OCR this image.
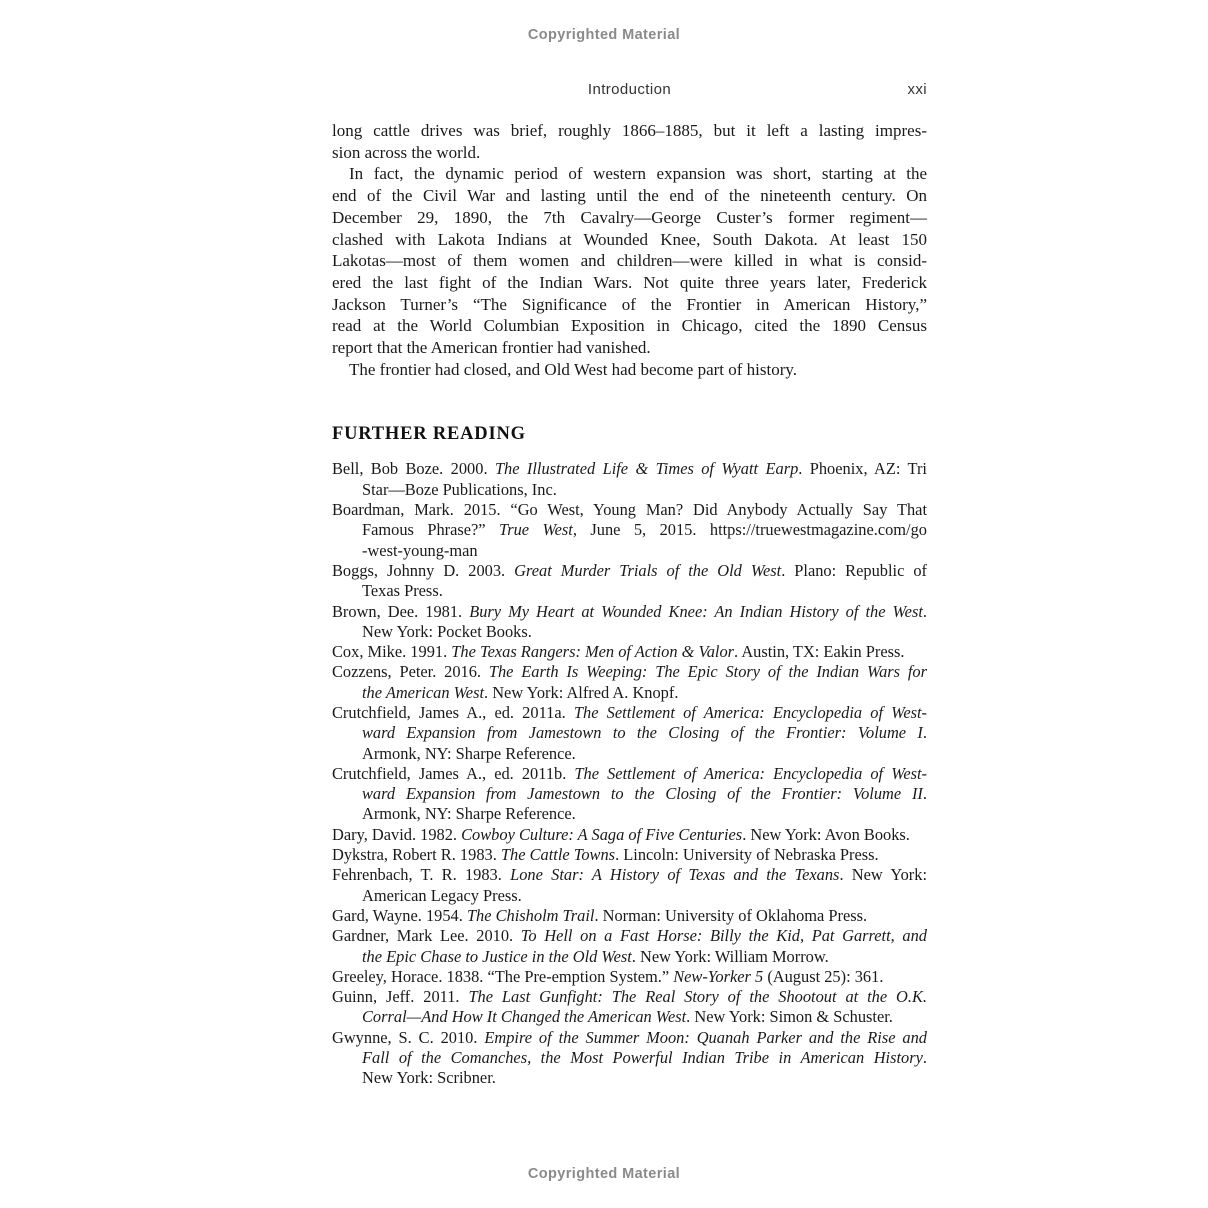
Copyrighted Material
Introduction	xxi
long cattle drives was brief, roughly 1866–1885, but it left a lasting impres-
sion across the world.
In fact, the dynamic period of western expansion was short, starting at the
end of the Civil War and lasting until the end of the nineteenth century. On
December 29, 1890, the 7th Cavalry—George Custer’s former regiment—
clashed with Lakota Indians at Wounded Knee, South Dakota. At least 150
Lakotas—most of them women and children—were killed in what is consid-
ered the last fight of the Indian Wars. Not quite three years later, Frederick
Jackson Turner’s “The Significance of the Frontier in American History,”
read at the World Columbian Exposition in Chicago, cited the 1890 Census
report that the American frontier had vanished.
The frontier had closed, and Old West had become part of history.
FURTHER READING
Bell, Bob Boze. 2000. The Illustrated Life & Times of Wyatt Earp. Phoenix, AZ: Tri
Star—Boze Publications, Inc.
Boardman, Mark. 2015. “Go West, Young Man? Did Anybody Actually Say That
Famous Phrase?” True West, June 5, 2015. https://truewestmagazine.com/go
-west-young-man
Boggs, Johnny D. 2003. Great Murder Trials of the Old West. Plano: Republic of
Texas Press.
Brown, Dee. 1981. Bury My Heart at Wounded Knee: An Indian History of the West.
New York: Pocket Books.
Cox, Mike. 1991. The Texas Rangers: Men of Action & Valor. Austin, TX: Eakin Press.
Cozzens, Peter. 2016. The Earth Is Weeping: The Epic Story of the Indian Wars for
the American West. New York: Alfred A. Knopf.
Crutchfield, James A., ed. 2011a. The Settlement of America: Encyclopedia of West-
ward Expansion from Jamestown to the Closing of the Frontier: Volume I.
Armonk, NY: Sharpe Reference.
Crutchfield, James A., ed. 2011b. The Settlement of America: Encyclopedia of West-
ward Expansion from Jamestown to the Closing of the Frontier: Volume II.
Armonk, NY: Sharpe Reference.
Dary, David. 1982. Cowboy Culture: A Saga of Five Centuries. New York: Avon Books.
Dykstra, Robert R. 1983. The Cattle Towns. Lincoln: University of Nebraska Press.
Fehrenbach, T. R. 1983. Lone Star: A History of Texas and the Texans. New York:
American Legacy Press.
Gard, Wayne. 1954. The Chisholm Trail. Norman: University of Oklahoma Press.
Gardner, Mark Lee. 2010. To Hell on a Fast Horse: Billy the Kid, Pat Garrett, and
the Epic Chase to Justice in the Old West. New York: William Morrow.
Greeley, Horace. 1838. “The Pre-emption System.” New-Yorker 5 (August 25): 361.
Guinn, Jeff. 2011. The Last Gunfight: The Real Story of the Shootout at the O.K.
Corral—And How It Changed the American West. New York: Simon & Schuster.
Gwynne, S. C. 2010. Empire of the Summer Moon: Quanah Parker and the Rise and
Fall of the Comanches, the Most Powerful Indian Tribe in American History.
New York: Scribner.
Copyrighted Material
